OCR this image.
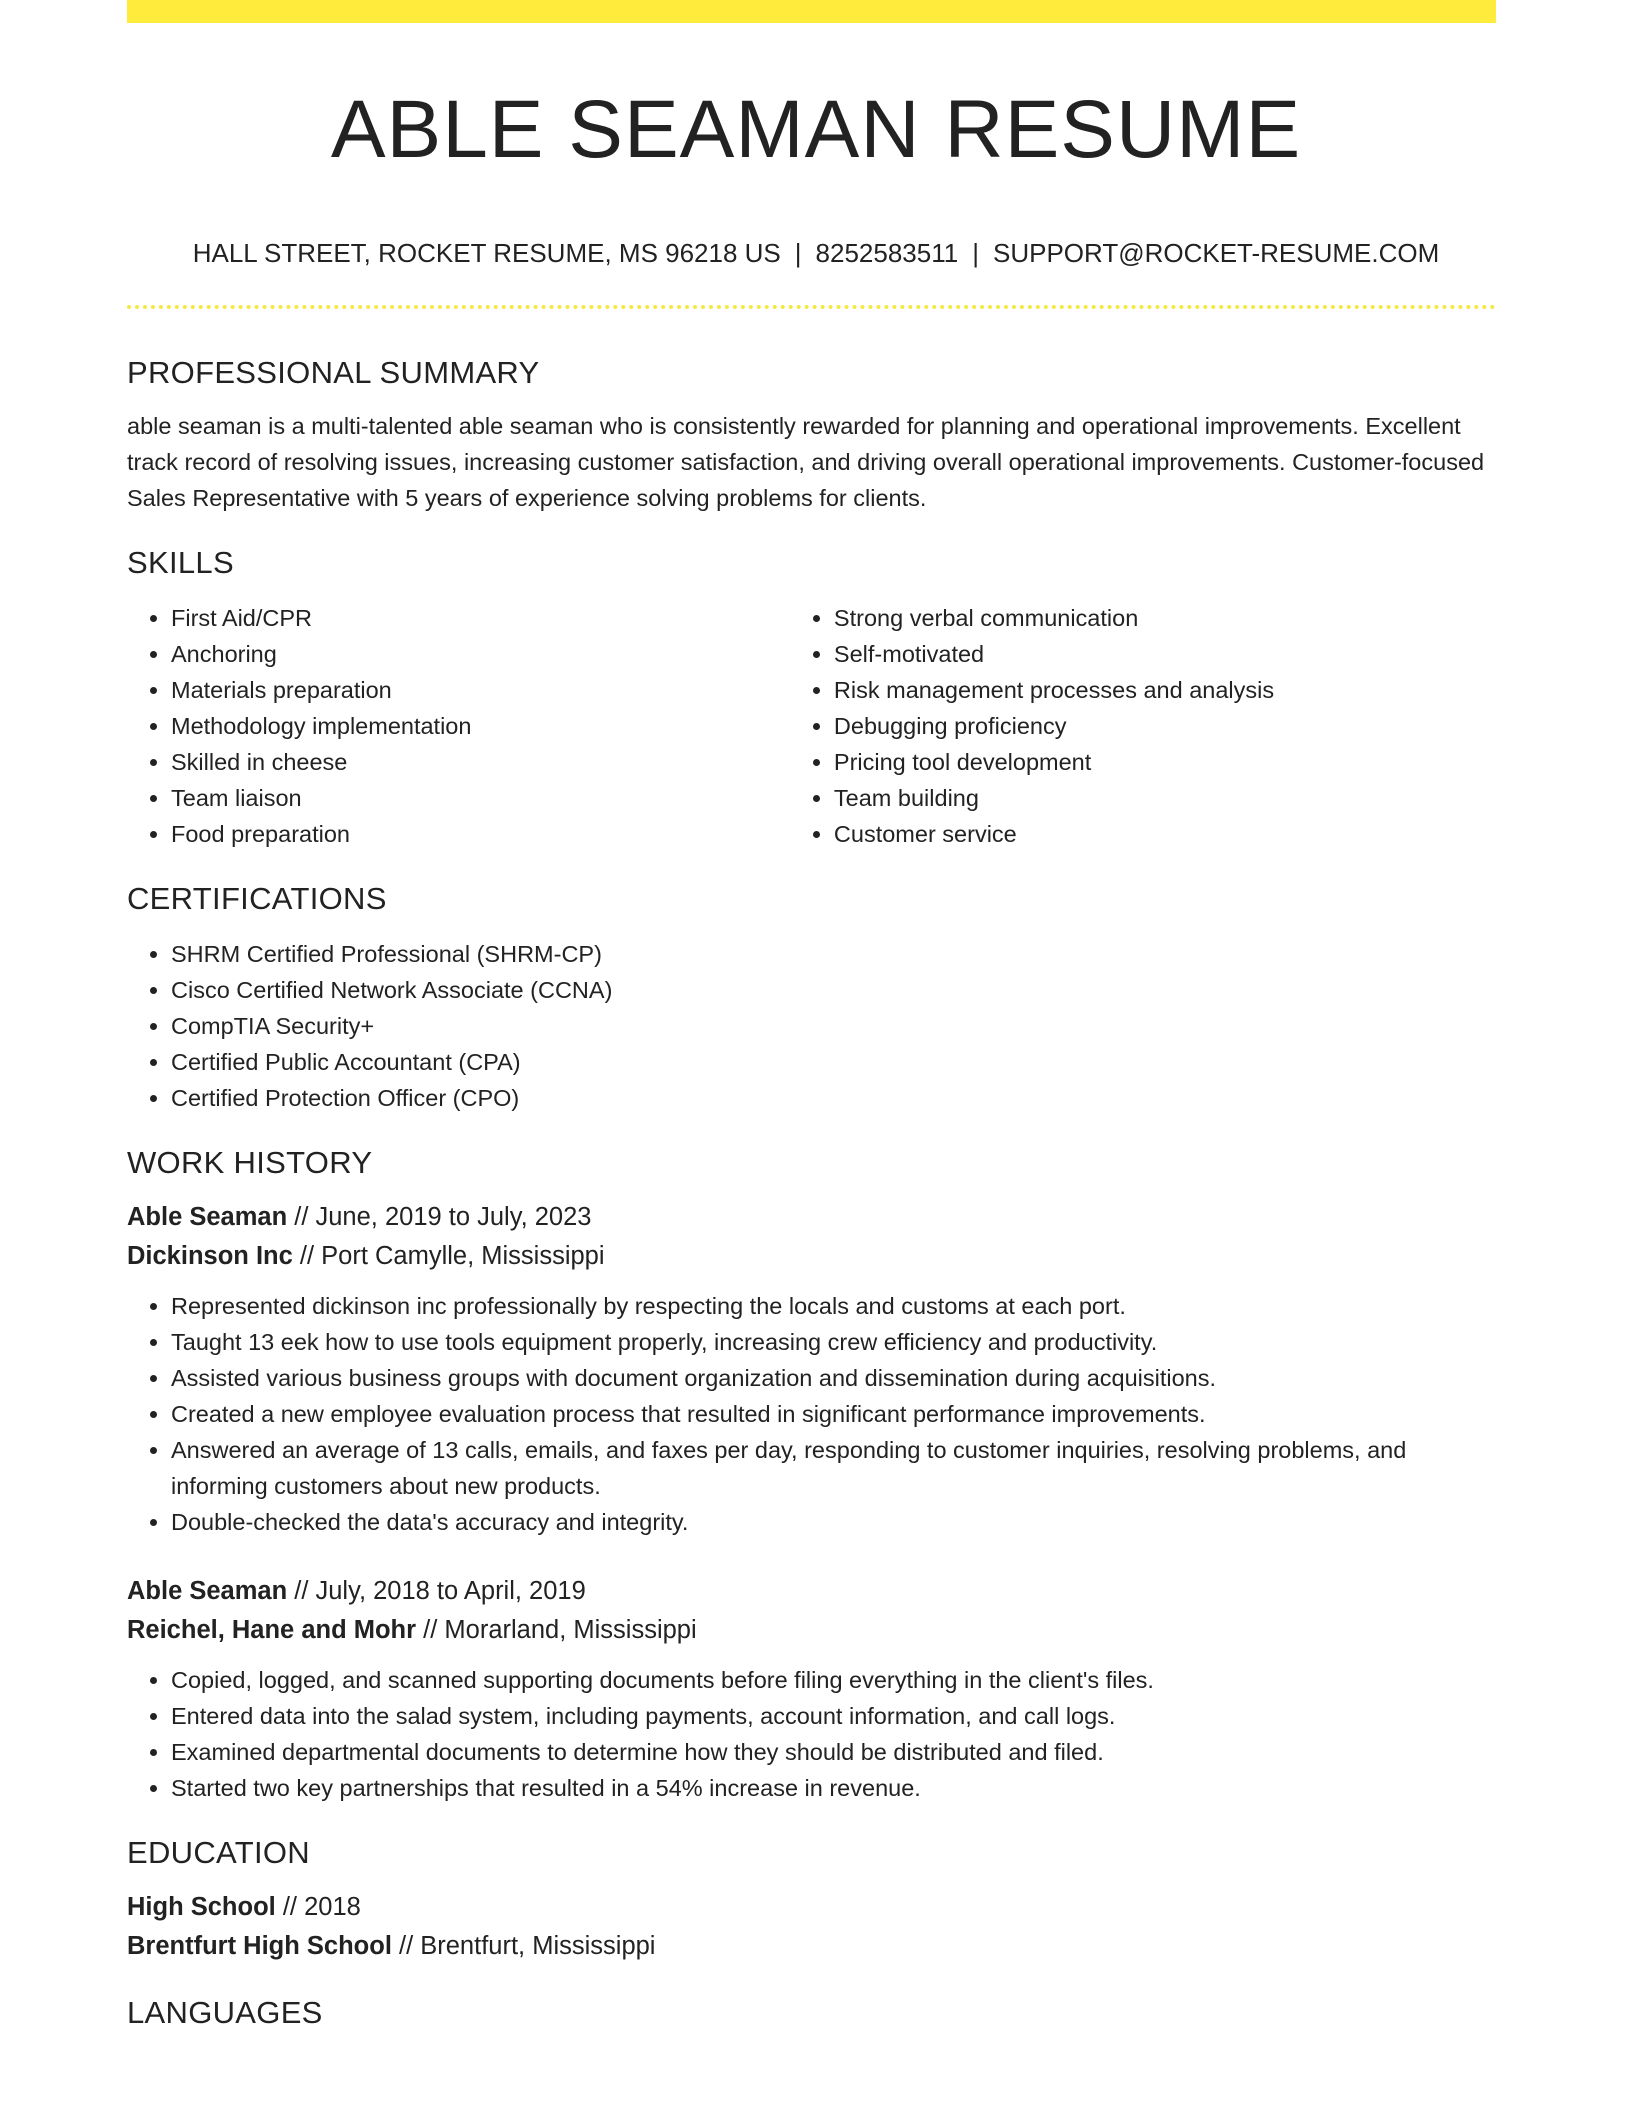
ABLE SEAMAN RESUME
HALL STREET, ROCKET RESUME, MS 96218 US | 8252583511 | SUPPORT@ROCKET-RESUME.COM
PROFESSIONAL SUMMARY

able seaman is a multi-talented able seaman who is consistently rewarded for planning and operational improvements. Excellent track record of resolving issues, increasing customer satisfaction, and driving overall operational improvements. Customer-focused Sales Representative with 5 years of experience solving problems for clients.

SKILLS
• First Aid/CPR
• Anchoring
• Materials preparation
• Methodology implementation
• Skilled in cheese
• Team liaison
• Food preparation
• Strong verbal communication
• Self-motivated
• Risk management processes and analysis
• Debugging proficiency
• Pricing tool development
• Team building
• Customer service
CERTIFICATIONS
• SHRM Certified Professional (SHRM-CP)
• Cisco Certified Network Associate (CCNA)
• CompTIA Security+
• Certified Public Accountant (CPA)
• Certified Protection Officer (CPO)
WORK HISTORY
Able Seaman // June, 2019 to July, 2023
Dickinson Inc // Port Camylle, Mississippi
• Represented dickinson inc professionally by respecting the locals and customs at each port.
• Taught 13 eek how to use tools equipment properly, increasing crew efficiency and productivity.
• Assisted various business groups with document organization and dissemination during acquisitions.
• Created a new employee evaluation process that resulted in significant performance improvements.
• Answered an average of 13 calls, emails, and faxes per day, responding to customer inquiries, resolving problems, and informing customers about new products.
• Double-checked the data's accuracy and integrity.
Able Seaman // July, 2018 to April, 2019
Reichel, Hane and Mohr // Morarland, Mississippi
• Copied, logged, and scanned supporting documents before filing everything in the client's files.
• Entered data into the salad system, including payments, account information, and call logs.
• Examined departmental documents to determine how they should be distributed and filed.
• Started two key partnerships that resulted in a 54% increase in revenue.
EDUCATION
High School // 2018
Brentfurt High School // Brentfurt, Mississippi
LANGUAGES
